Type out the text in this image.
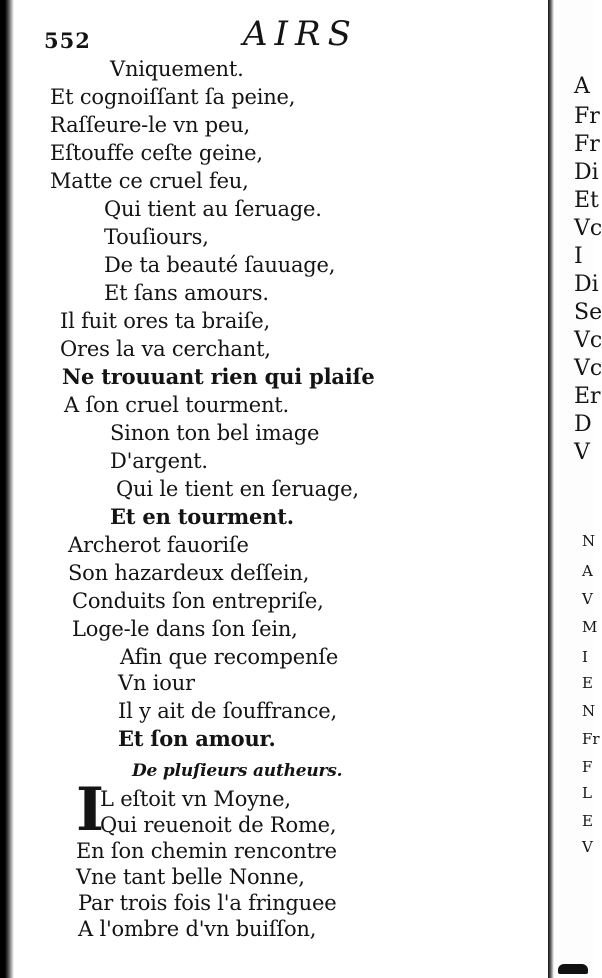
552	AIRS
Vniquement.
Et cognoiſſant ſa peine,
Raſſeure-le vn peu,
Eſtouffe ceſte geine,
Matte ce cruel feu,
Qui tient au ſeruage.
Touſiours,
De ta beauté ſauuage,
Et ſans amours.
Il fuit ores ta braiſe,
Ores la va cerchant,
Ne trouuant rien qui plaiſe
A ſon cruel tourment.
Sinon ton bel image
D'argent.
Qui le tient en ſeruage,
Et en tourment.
Archerot fauoriſe
Son hazardeux deſſein,
Conduits ſon entrepriſe,
Loge-le dans ſon ſein,
Afin que recompenſe
Vn iour
Il y ait de ſouffrance,
Et ſon amour.
De pluſieurs autheurs.
I
L eſtoit vn Moyne,
Qui reuenoit de Rome,
En ſon chemin rencontre
Vne tant belle Nonne,
Par trois fois l'a fringuee
A l'ombre d'vn buiſſon,
A
Fr
Fr
Di
Et
Vc
I
Di
Se
Vc
Vc
Er
D
V
N
A
V
M
I
E
N
Fr
F
L
E
V
